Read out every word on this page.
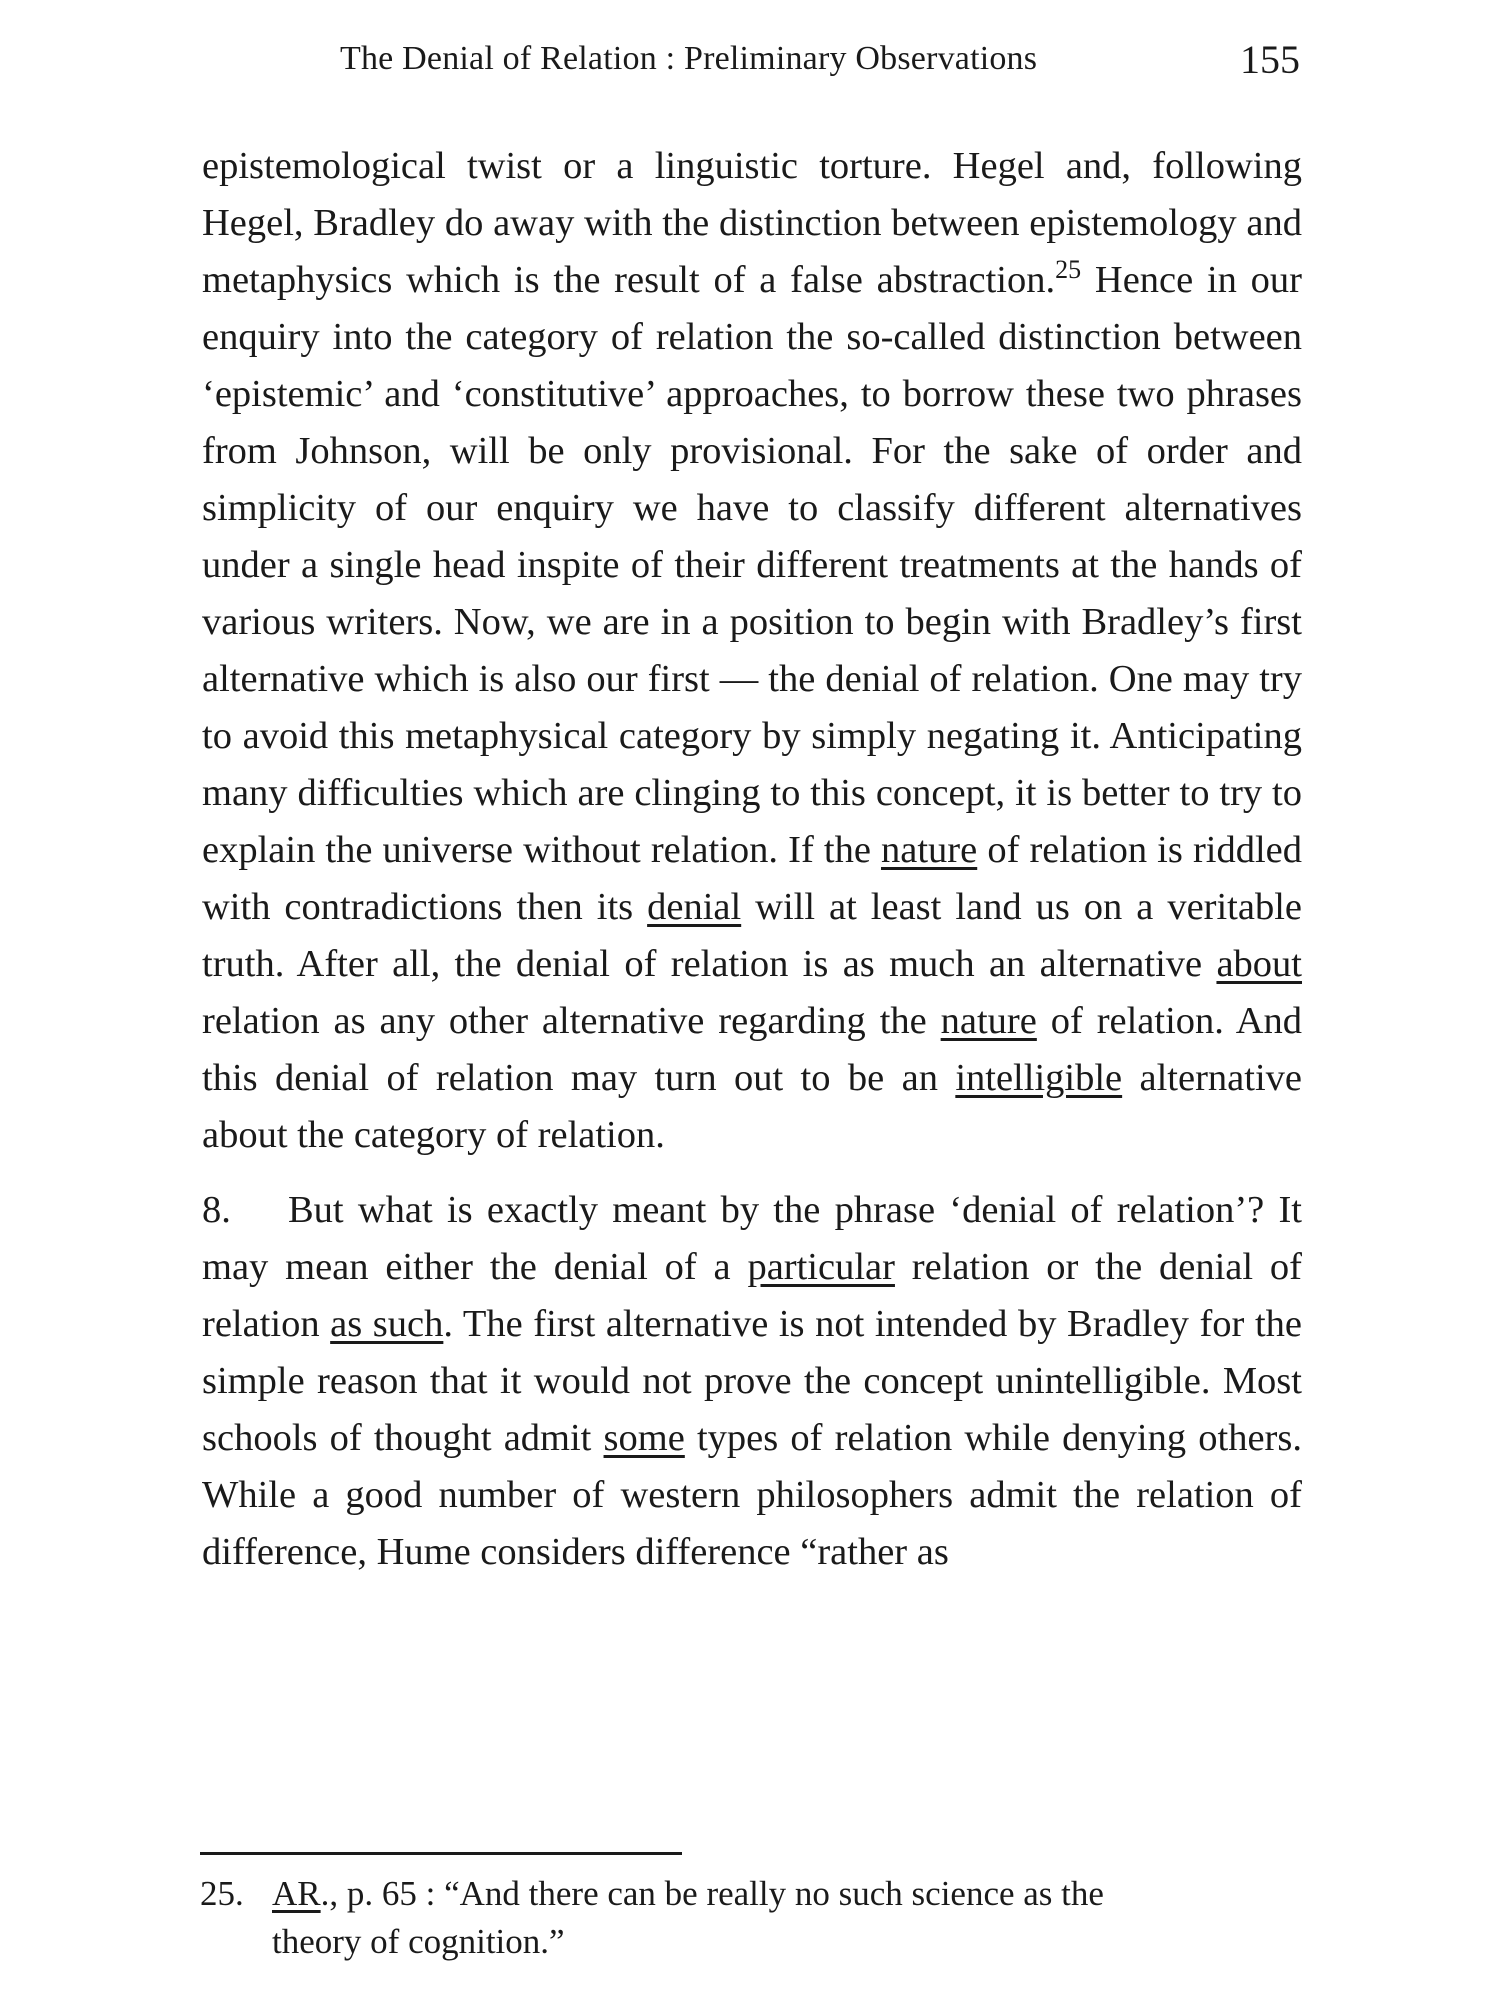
The Denial of Relation : Preliminary Observations	155

epistemological twist or a linguistic torture. Hegel and, following Hegel, Bradley do away with the distinction between epistemology and metaphysics which is the result of a false abstraction.$^{25}$ Hence in our enquiry into the category of relation the so-called distinction between ‘epistemic’ and ‘constitutive’ approaches, to borrow these two phrases from Johnson, will be only provisional. For the sake of order and simplicity of our enquiry we have to classify different alternatives under a single head inspite of their different treatments at the hands of various writers. Now, we are in a position to begin with Bradley’s first alternative which is also our first — the denial of relation. One may try to avoid this metaphysical category by simply negating it. Anticipating many difficulties which are clinging to this concept, it is better to try to explain the universe without relation. If the nature of relation is riddled with contradictions then its denial will at least land us on a veritable truth. After all, the denial of relation is as much an alternative about relation as any other alternative regarding the nature of relation. And this denial of relation may turn out to be an intelligible alternative about the category of relation.

8. But what is exactly meant by the phrase ‘denial of relation’? It may mean either the denial of a particular relation or the denial of relation as such. The first alternative is not intended by Bradley for the simple reason that it would not prove the concept unintelligible. Most schools of thought admit some types of relation while denying others. While a good number of western philosophers admit the relation of difference, Hume considers difference “rather as

25. AR., p. 65 : “And there can be really no such science as the
theory of cognition.”
